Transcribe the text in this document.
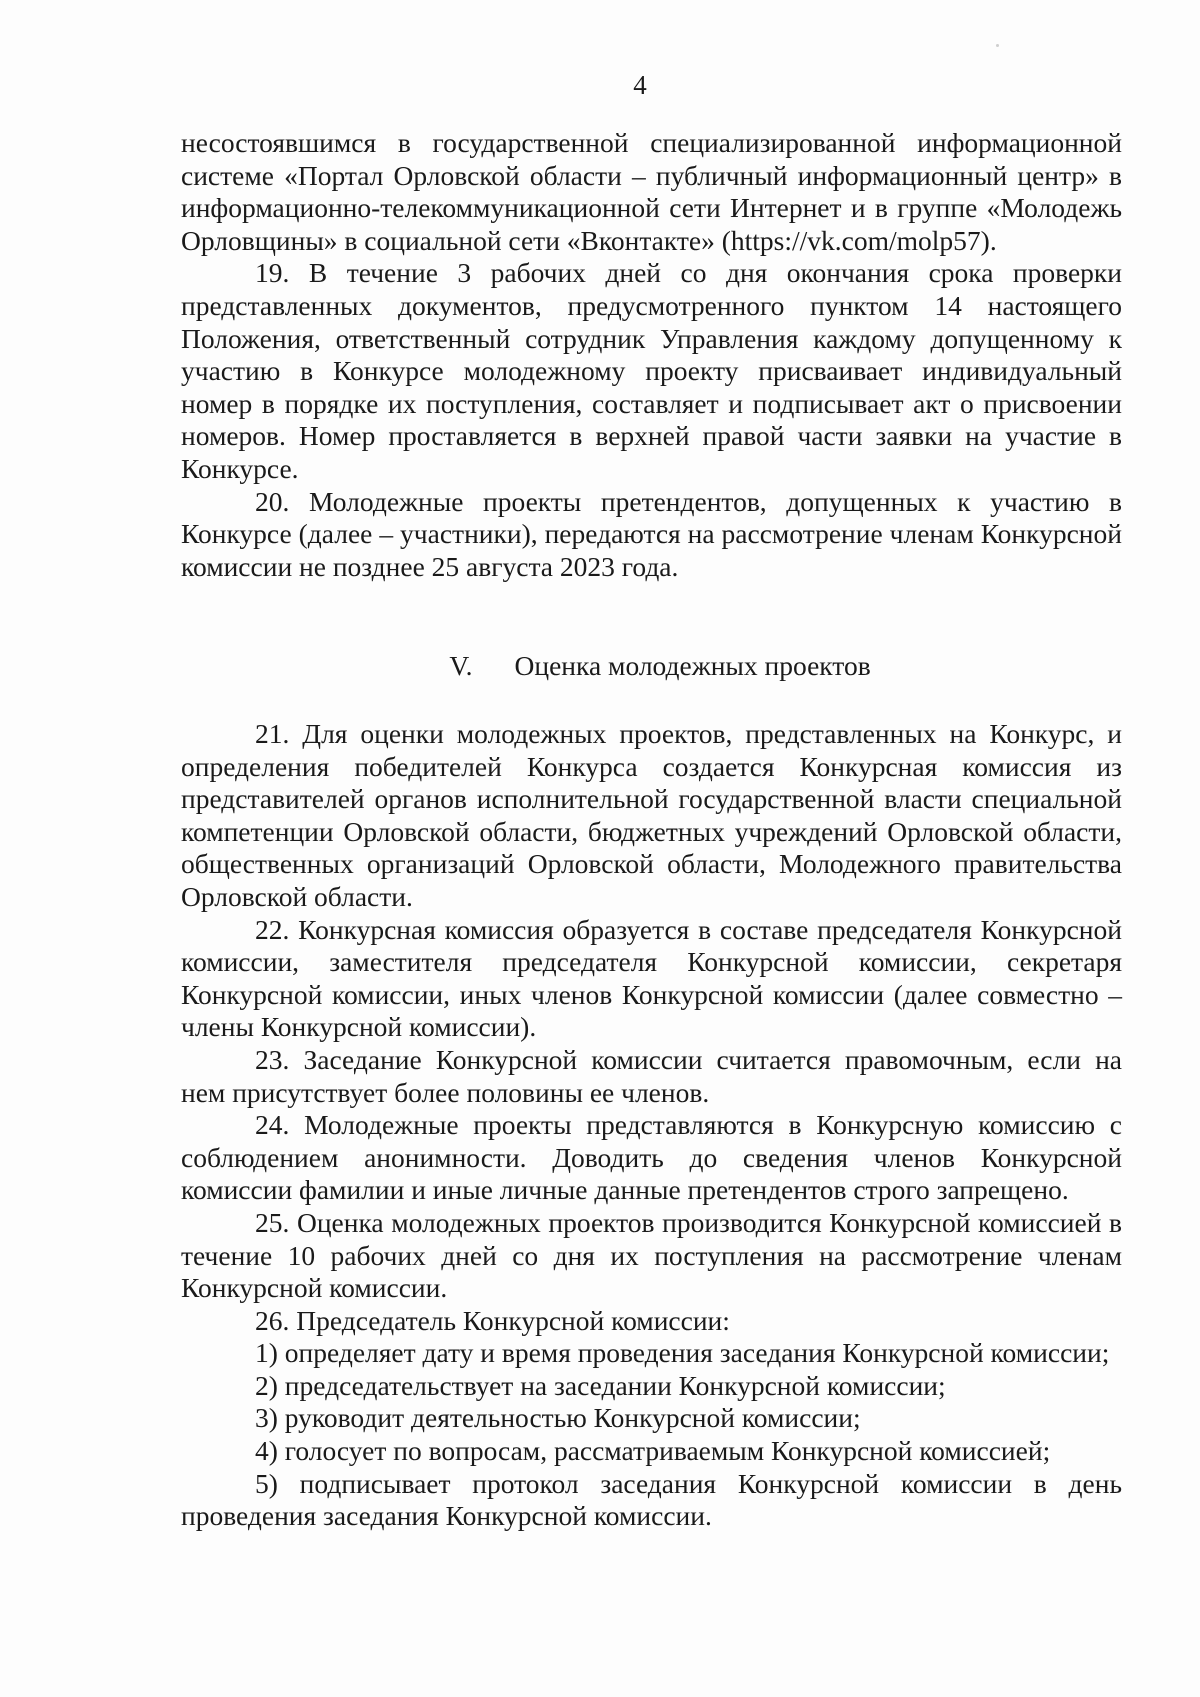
4

несостоявшимся в государственной специализированной информационной системе «Портал Орловской области – публичный информационный центр» в информационно-телекоммуникационной сети Интернет и в группе «Молодежь Орловщины» в социальной сети «Вконтакте» (https://vk.com/molp57).

19. В течение 3 рабочих дней со дня окончания срока проверки представленных документов, предусмотренного пунктом 14 настоящего Положения, ответственный сотрудник Управления каждому допущенному к участию в Конкурсе молодежному проекту присваивает индивидуальный номер в порядке их поступления, составляет и подписывает акт о присвоении номеров. Номер проставляется в верхней правой части заявки на участие в Конкурсе.

20. Молодежные проекты претендентов, допущенных к участию в Конкурсе (далее – участники), передаются на рассмотрение членам Конкурсной комиссии не позднее 25 августа 2023 года.

V. Оценка молодежных проектов

21. Для оценки молодежных проектов, представленных на Конкурс, и определения победителей Конкурса создается Конкурсная комиссия из представителей органов исполнительной государственной власти специальной компетенции Орловской области, бюджетных учреждений Орловской области, общественных организаций Орловской области, Молодежного правительства Орловской области.

22. Конкурсная комиссия образуется в составе председателя Конкурсной комиссии, заместителя председателя Конкурсной комиссии, секретаря Конкурсной комиссии, иных членов Конкурсной комиссии (далее совместно – члены Конкурсной комиссии).

23. Заседание Конкурсной комиссии считается правомочным, если на нем присутствует более половины ее членов.

24. Молодежные проекты представляются в Конкурсную комиссию с соблюдением анонимности. Доводить до сведения членов Конкурсной комиссии фамилии и иные личные данные претендентов строго запрещено.

25. Оценка молодежных проектов производится Конкурсной комиссией в течение 10 рабочих дней со дня их поступления на рассмотрение членам Конкурсной комиссии.

26. Председатель Конкурсной комиссии:

1) определяет дату и время проведения заседания Конкурсной комиссии;

2) председательствует на заседании Конкурсной комиссии;

3) руководит деятельностью Конкурсной комиссии;

4) голосует по вопросам, рассматриваемым Конкурсной комиссией;

5) подписывает протокол заседания Конкурсной комиссии в день проведения заседания Конкурсной комиссии.
